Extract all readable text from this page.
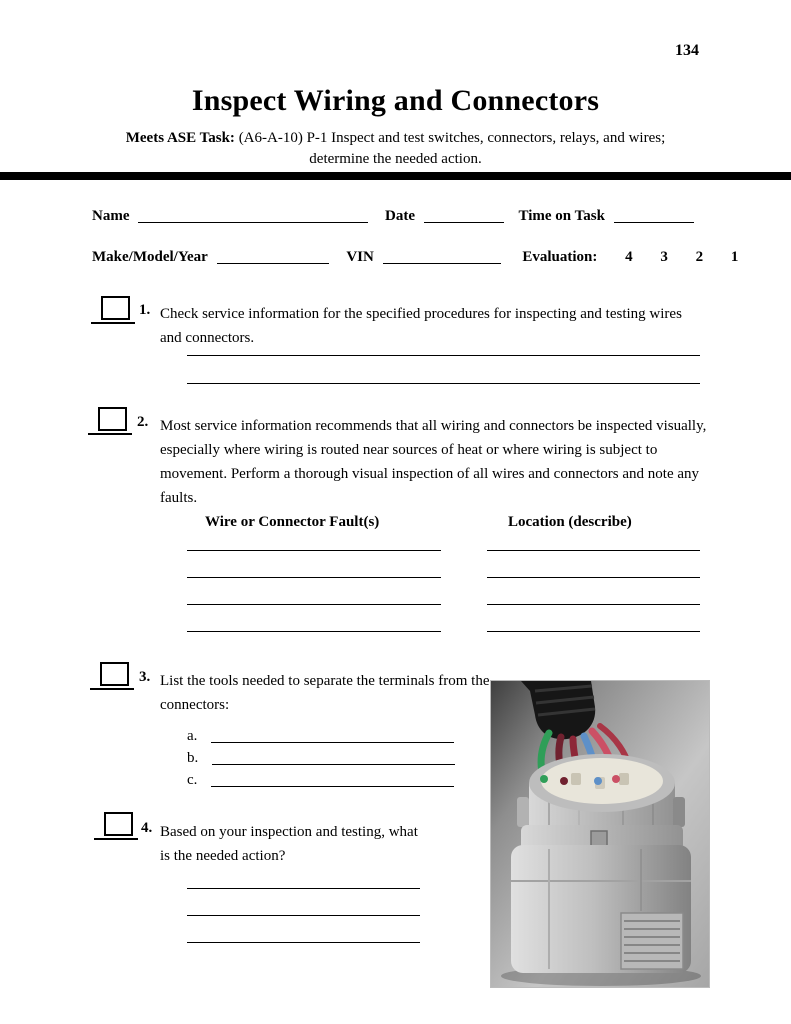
134
Inspect Wiring and Connectors
Meets ASE Task: (A6-A-10) P-1 Inspect and test switches, connectors, relays, and wires;
determine the needed action.
Name	Date	Time on Task
Make/Model/Year	VIN	Evaluation: 4 3 2 1
1. Check service information for the specified procedures for inspecting and testing wires and connectors.
2. Most service information recommends that all wiring and connectors be inspected visually, especially where wiring is routed near sources of heat or where wiring is subject to movement. Perform a thorough visual inspection of all wires and connectors and note any faults.
Wire or Connector Fault(s)	Location (describe)
3. List the tools needed to separate the terminals from the connectors:
a.
b.
c.
4. Based on your inspection and testing, what is the needed action?
